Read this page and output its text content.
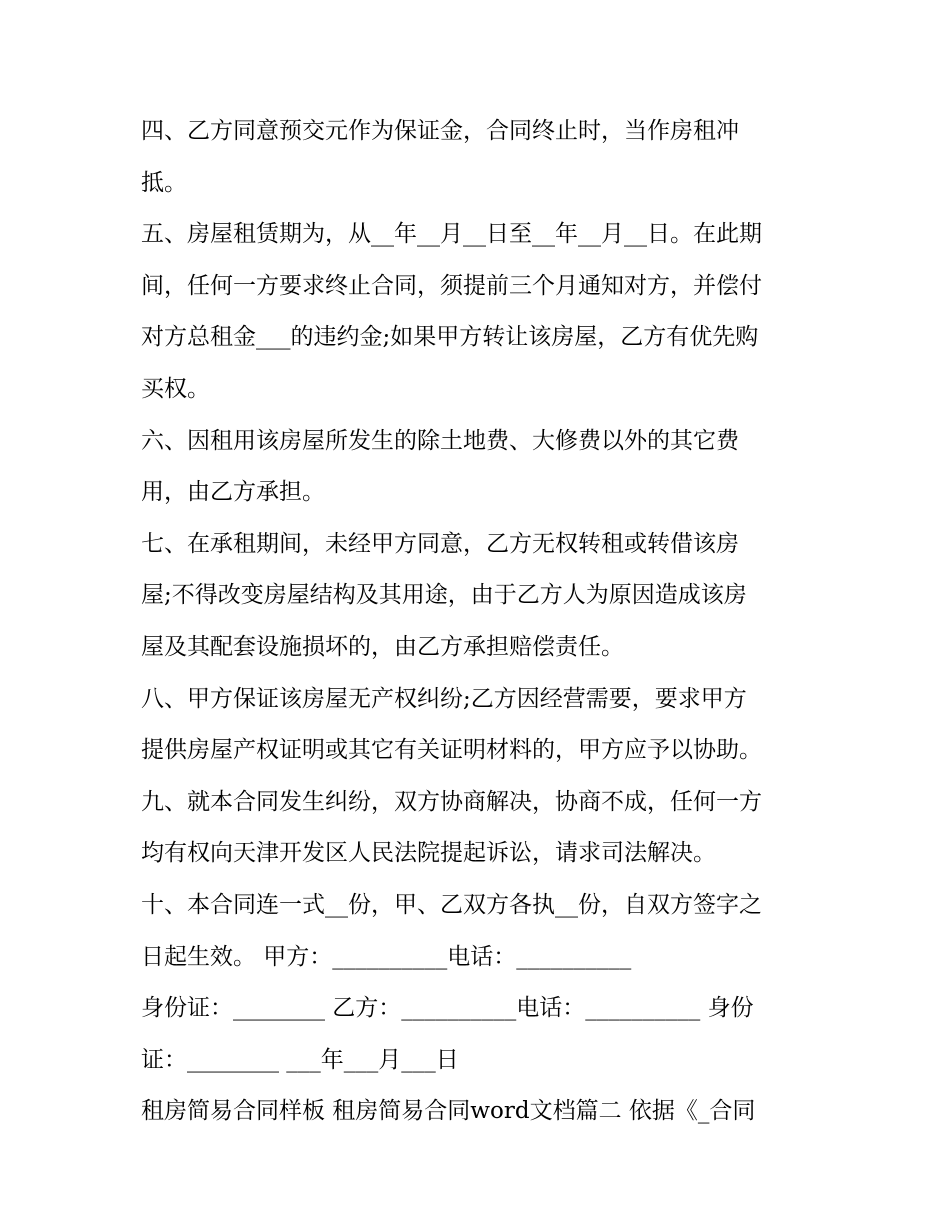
四、乙方同意预交元作为保证金，合同终止时，当作房租冲
抵。
五、房屋租赁期为，从__年__月__日至__年__月__日。在此期
间，任何一方要求终止合同，须提前三个月通知对方，并偿付
对方总租金___的违约金;如果甲方转让该房屋，乙方有优先购
买权。
六、因租用该房屋所发生的除土地费、大修费以外的其它费
用，由乙方承担。
七、在承租期间，未经甲方同意，乙方无权转租或转借该房
屋;不得改变房屋结构及其用途，由于乙方人为原因造成该房
屋及其配套设施损坏的，由乙方承担赔偿责任。
八、甲方保证该房屋无产权纠纷;乙方因经营需要，要求甲方
提供房屋产权证明或其它有关证明材料的，甲方应予以协助。
九、就本合同发生纠纷，双方协商解决，协商不成，任何一方
均有权向天津开发区人民法院提起诉讼，请求司法解决。
十、本合同连一式__份，甲、乙双方各执__份，自双方签字之
日起生效。 甲方：__________电话：__________
身份证：________ 乙方：__________电话：__________ 身份
证：________ ___年___月___日
租房简易合同样板 租房简易合同word文档篇二 依据《_合同
